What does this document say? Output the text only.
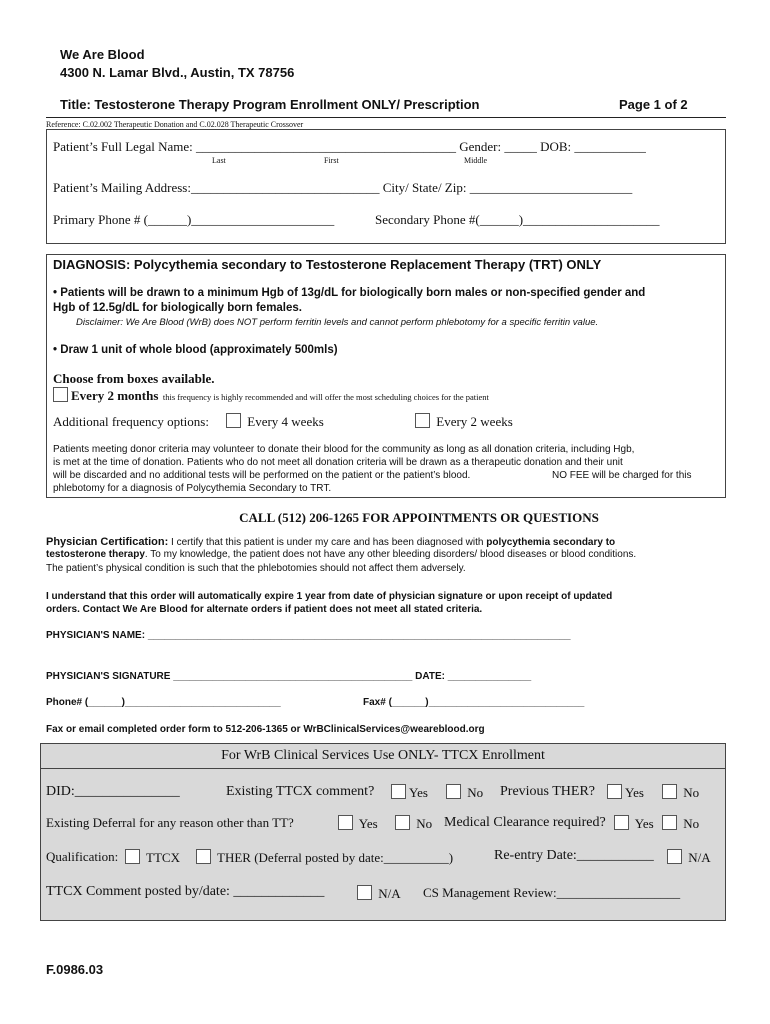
We Are Blood
4300 N. Lamar Blvd., Austin, TX 78756
Title: Testosterone Therapy Program Enrollment ONLY/ Prescription	Page 1 of 2
Reference: C.02.002 Therapeutic Donation and C.02.028 Therapeutic Crossover
Patient’s Full Legal Name: ________________________________________ Gender: _____ DOB: ___________
Last	First	Middle
Patient’s Mailing Address:_____________________________ City/ State/ Zip: _________________________
Primary Phone # (______)______________________	Secondary Phone #(______)_____________________
DIAGNOSIS: Polycythemia secondary to Testosterone Replacement Therapy (TRT) ONLY
• Patients will be drawn to a minimum Hgb of 13g/dL for biologically born males or non-specified gender and
Hgb of 12.5g/dL for biologically born females.
Disclaimer: We Are Blood (WrB) does NOT perform ferritin levels and cannot perform phlebotomy for a specific ferritin value.
• Draw 1 unit of whole blood (approximately 500mls)
Choose from boxes available.
Every 2 months this frequency is highly recommended and will offer the most scheduling choices for the patient
Additional frequency options:	Every 4 weeks	Every 2 weeks
Patients meeting donor criteria may volunteer to donate their blood for the community as long as all donation criteria, including Hgb,
is met at the time of donation. Patients who do not meet all donation criteria will be drawn as a therapeutic donation and their unit
will be discarded and no additional tests will be performed on the patient or the patient’s blood.	NO FEE will be charged for this
phlebotomy for a diagnosis of Polycythemia Secondary to TRT.
CALL (512) 206-1265 FOR APPOINTMENTS OR QUESTIONS
Physician Certification: I certify that this patient is under my care and has been diagnosed with polycythemia secondary to
testosterone therapy. To my knowledge, the patient does not have any other bleeding disorders/ blood diseases or blood conditions.
The patient’s physical condition is such that the phlebotomies should not affect them adversely.
I understand that this order will automatically expire 1 year from date of physician signature or upon receipt of updated
orders. Contact We Are Blood for alternate orders if patient does not meet all stated criteria.
PHYSICIAN'S NAME: ____________________________________________________________________________
PHYSICIAN'S SIGNATURE ___________________________________________ DATE: _______________
Phone# (______)____________________________	Fax# (______)____________________________
Fax or email completed order form to 512-206-1365 or WrBClinicalServices@weareblood.org
For WrB Clinical Services Use ONLY- TTCX Enrollment
DID:_______________	Existing TTCX comment?	Yes	No Previous THER?	Yes	No
Existing Deferral for any reason other than TT?	Yes	No Medical Clearance required?	Yes	No
Qualification:	TTCX	THER (Deferral posted by date:__________)	Re-entry Date:___________	N/A
TTCX Comment posted by/date: _____________	N/A CS Management Review:___________________
F.0986.03
